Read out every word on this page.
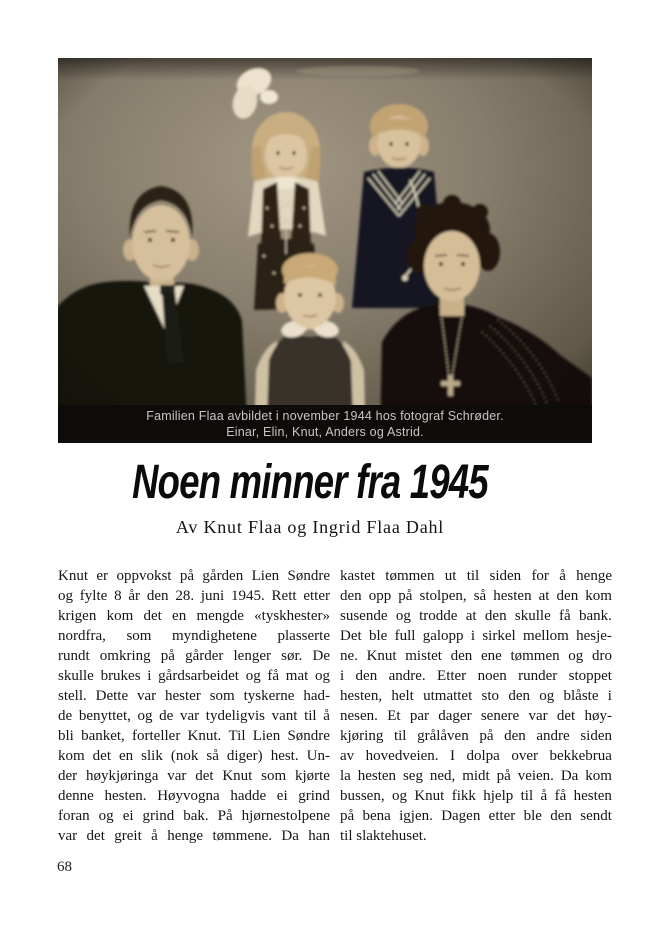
Familien Flaa avbildet i november 1944 hos fotograf Schrøder.
Einar, Elin, Knut, Anders og Astrid.
Noen minner fra 1945
Av Knut Flaa og Ingrid Flaa Dahl
Knut er oppvokst på gården Lien Søndre
og fylte 8 år den 28. juni 1945. Rett etter
krigen kom det en mengde «tyskhester»
nordfra, som myndighetene plasserte
rundt omkring på gårder lenger sør. De
skulle brukes i gårdsarbeidet og få mat og
stell. Dette var hester som tyskerne had-
de benyttet, og de var tydeligvis vant til å
bli banket, forteller Knut. Til Lien Søndre
kom det en slik (nok så diger) hest. Un-
der høykjøringa var det Knut som kjørte
denne hesten. Høyvogna hadde ei grind
foran og ei grind bak. På hjørnestolpene
var det greit å henge tømmene. Da han
kastet tømmen ut til siden for å henge
den opp på stolpen, så hesten at den kom
susende og trodde at den skulle få bank.
Det ble full galopp i sirkel mellom hesje-
ne. Knut mistet den ene tømmen og dro
i den andre. Etter noen runder stoppet
hesten, helt utmattet sto den og blåste i
nesen. Et par dager senere var det høy-
kjøring til grålåven på den andre siden
av hovedveien. I dolpa over bekkebrua
la hesten seg ned, midt på veien. Da kom
bussen, og Knut fikk hjelp til å få hesten
på bena igjen. Dagen etter ble den sendt
til slaktehuset.
68
